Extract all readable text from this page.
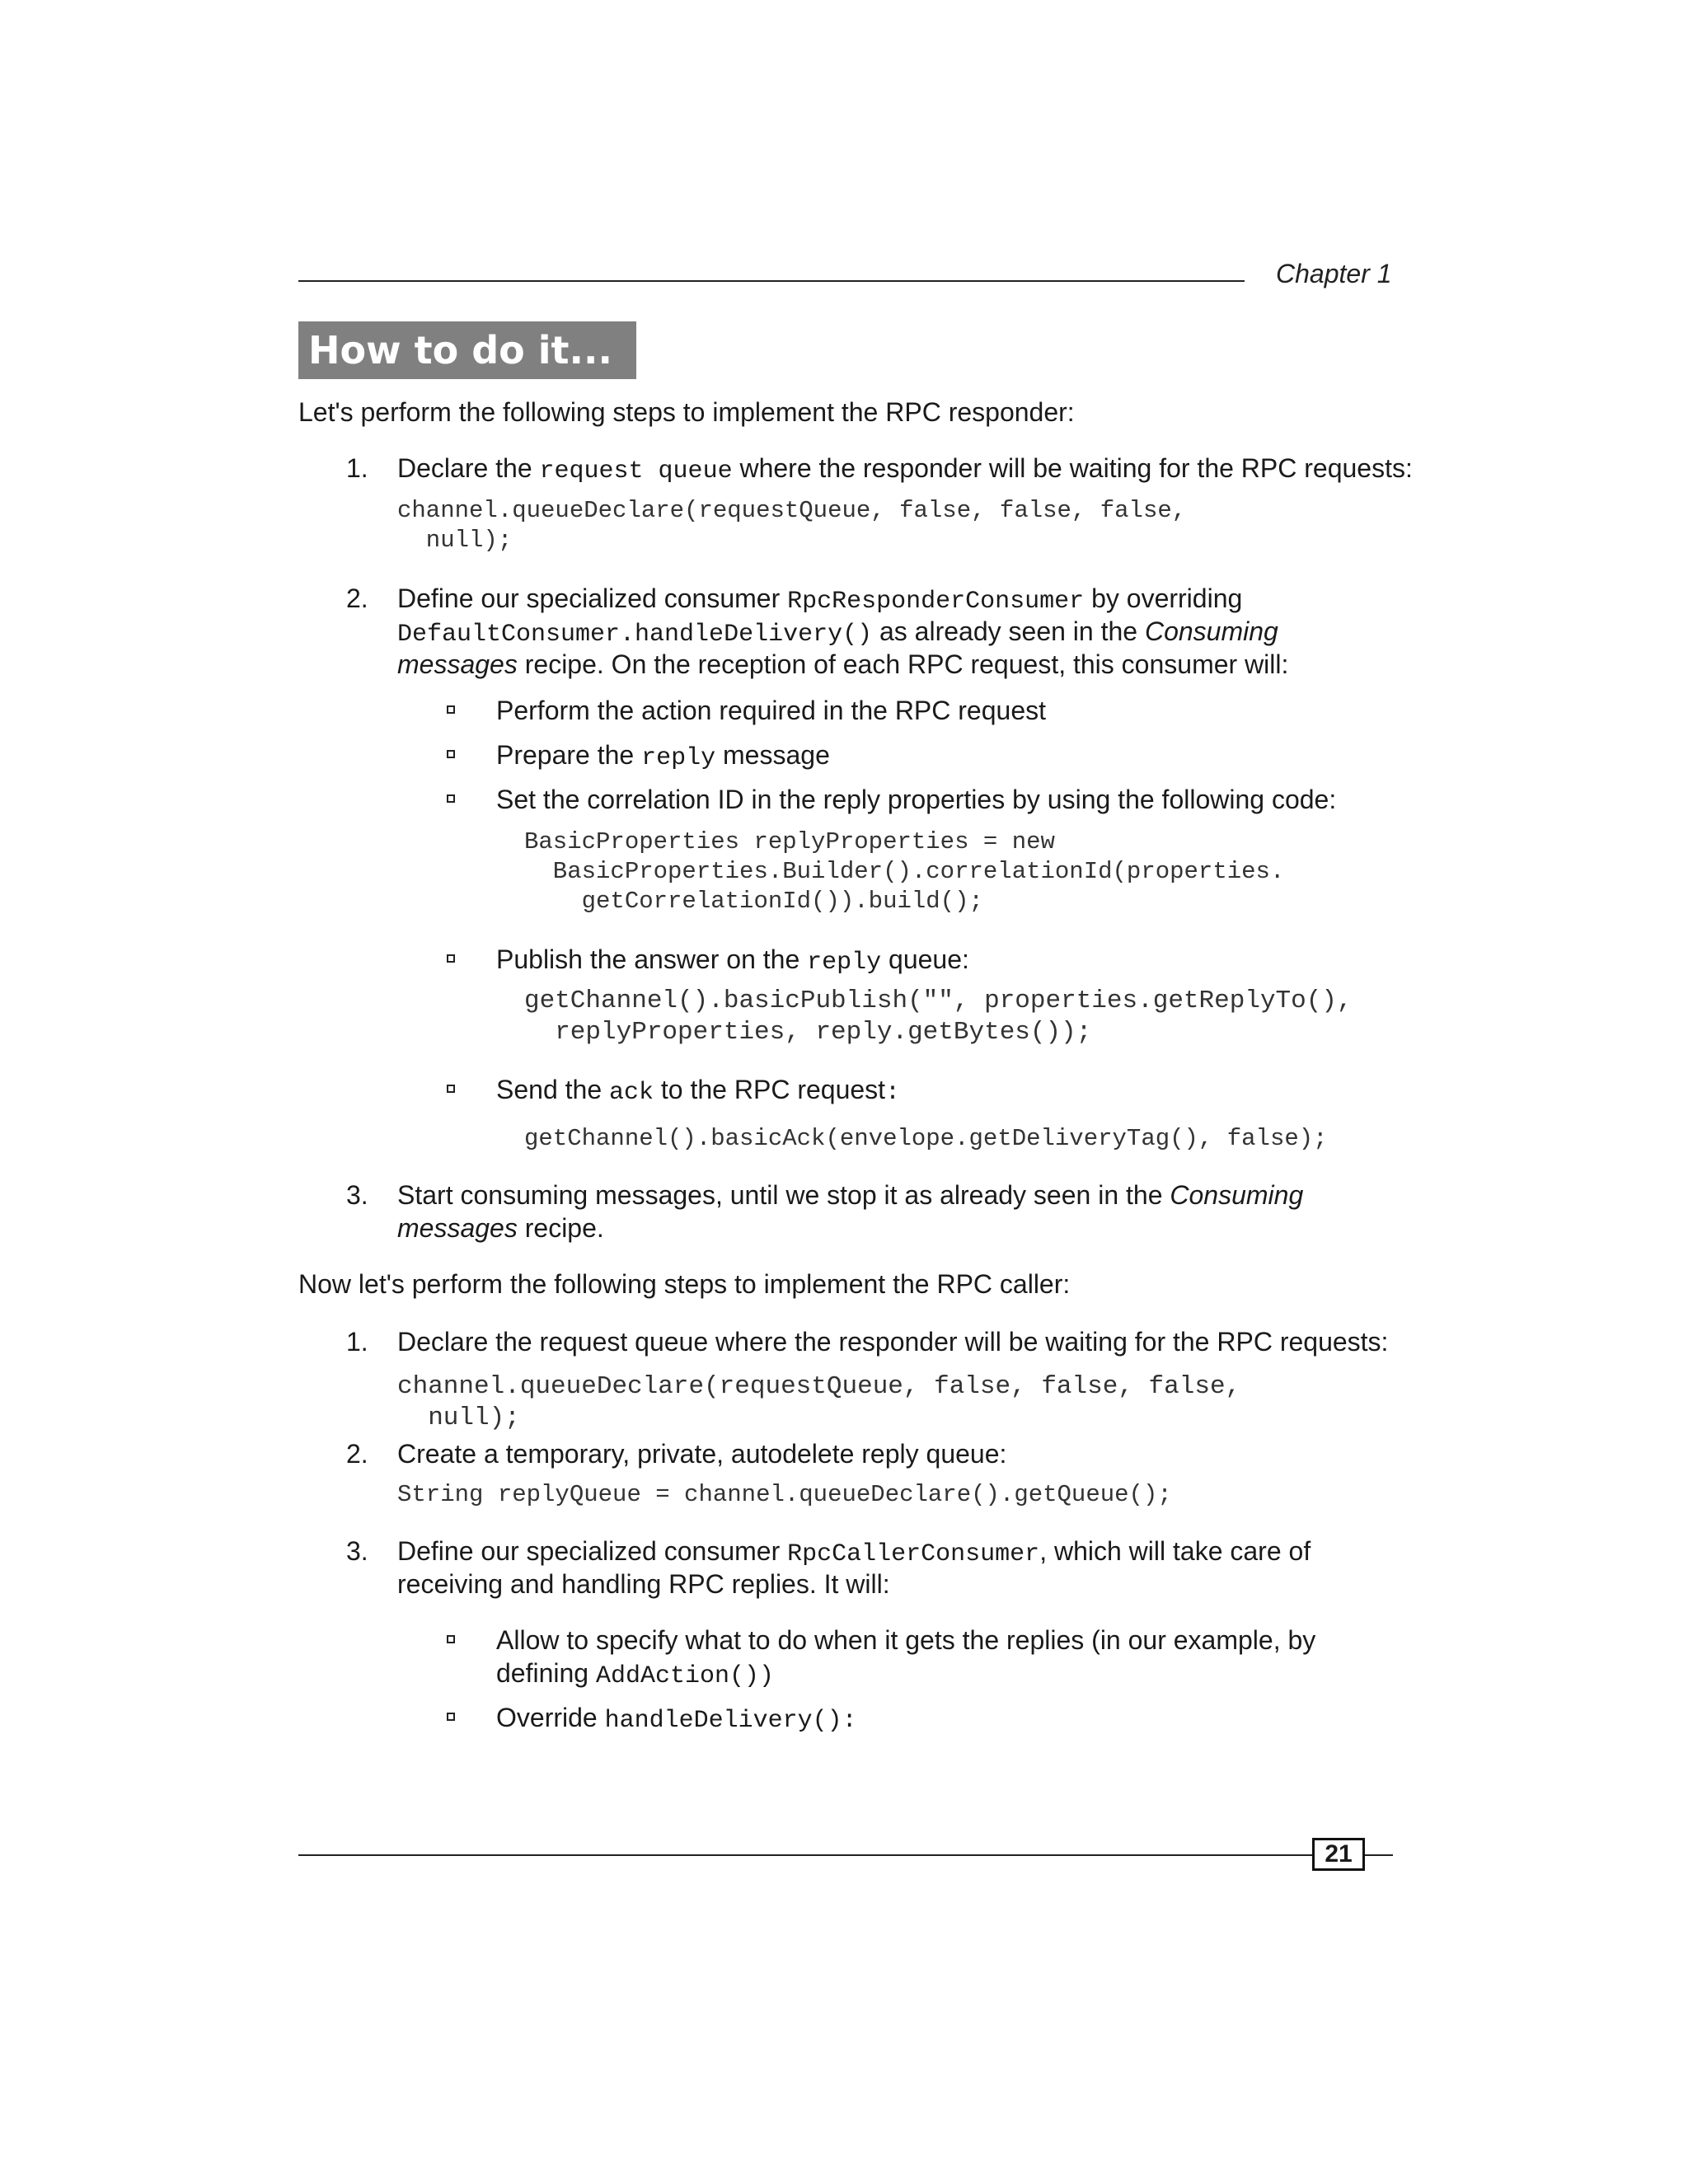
Chapter 1
How to do it...
Let's perform the following steps to implement the RPC responder:
1. Declare the request queue where the responder will be waiting for the RPC requests:
channel.queueDeclare(requestQueue, false, false, false,
null);
2. Define our specialized consumer RpcResponderConsumer by overriding
DefaultConsumer.handleDelivery() as already seen in the Consuming
messages recipe. On the reception of each RPC request, this consumer will:
Perform the action required in the RPC request
Prepare the reply message
Set the correlation ID in the reply properties by using the following code:
BasicProperties replyProperties = new
BasicProperties.Builder().correlationId(properties.
getCorrelationId()).build();
Publish the answer on the reply queue:
getChannel().basicPublish("", properties.getReplyTo(),
replyProperties, reply.getBytes());
Send the ack to the RPC request:
getChannel().basicAck(envelope.getDeliveryTag(), false);
3. Start consuming messages, until we stop it as already seen in the Consuming
messages recipe.
Now let's perform the following steps to implement the RPC caller:
1. Declare the request queue where the responder will be waiting for the RPC requests:
channel.queueDeclare(requestQueue, false, false, false,
null);
2. Create a temporary, private, autodelete reply queue:
String replyQueue = channel.queueDeclare().getQueue();
3. Define our specialized consumer RpcCallerConsumer, which will take care of
receiving and handling RPC replies. It will:
Allow to specify what to do when it gets the replies (in our example, by
defining AddAction())
Override handleDelivery():
21
